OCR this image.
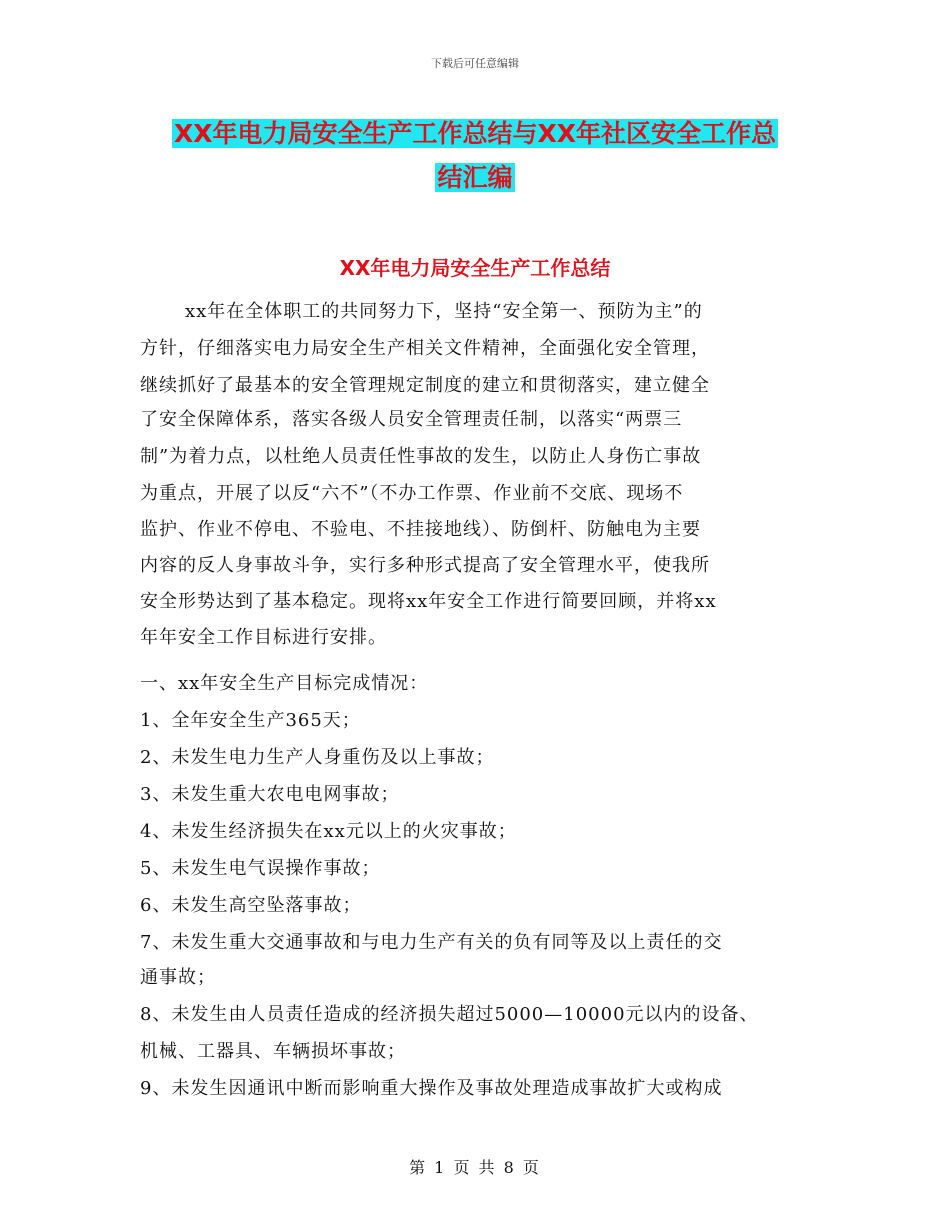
下载后可任意编辑
XX年电力局安全生产工作总结与XX年社区安全工作总
结汇编
XX年电力局安全生产工作总结
xx年在全体职工的共同努力下，坚持“安全第一、预防为主”的
方针，仔细落实电力局安全生产相关文件精神，全面强化安全管理，
继续抓好了最基本的安全管理规定制度的建立和贯彻落实，建立健全
了安全保障体系，落实各级人员安全管理责任制，以落实“两票三
制”为着力点，以杜绝人员责任性事故的发生，以防止人身伤亡事故
为重点，开展了以反“六不”（不办工作票、作业前不交底、现场不
监护、作业不停电、不验电、不挂接地线）、防倒杆、防触电为主要
内容的反人身事故斗争，实行多种形式提高了安全管理水平，使我所
安全形势达到了基本稳定。现将xx年安全工作进行简要回顾，并将xx
年年安全工作目标进行安排。
一、xx年安全生产目标完成情况：
1、全年安全生产365天；
2、未发生电力生产人身重伤及以上事故；
3、未发生重大农电电网事故；
4、未发生经济损失在xx元以上的火灾事故；
5、未发生电气误操作事故；
6、未发生高空坠落事故；
7、未发生重大交通事故和与电力生产有关的负有同等及以上责任的交
通事故；
8、未发生由人员责任造成的经济损失超过5000—10000元以内的设备、
机械、工器具、车辆损坏事故；
9、未发生因通讯中断而影响重大操作及事故处理造成事故扩大或构成
第 1 页 共 8 页
